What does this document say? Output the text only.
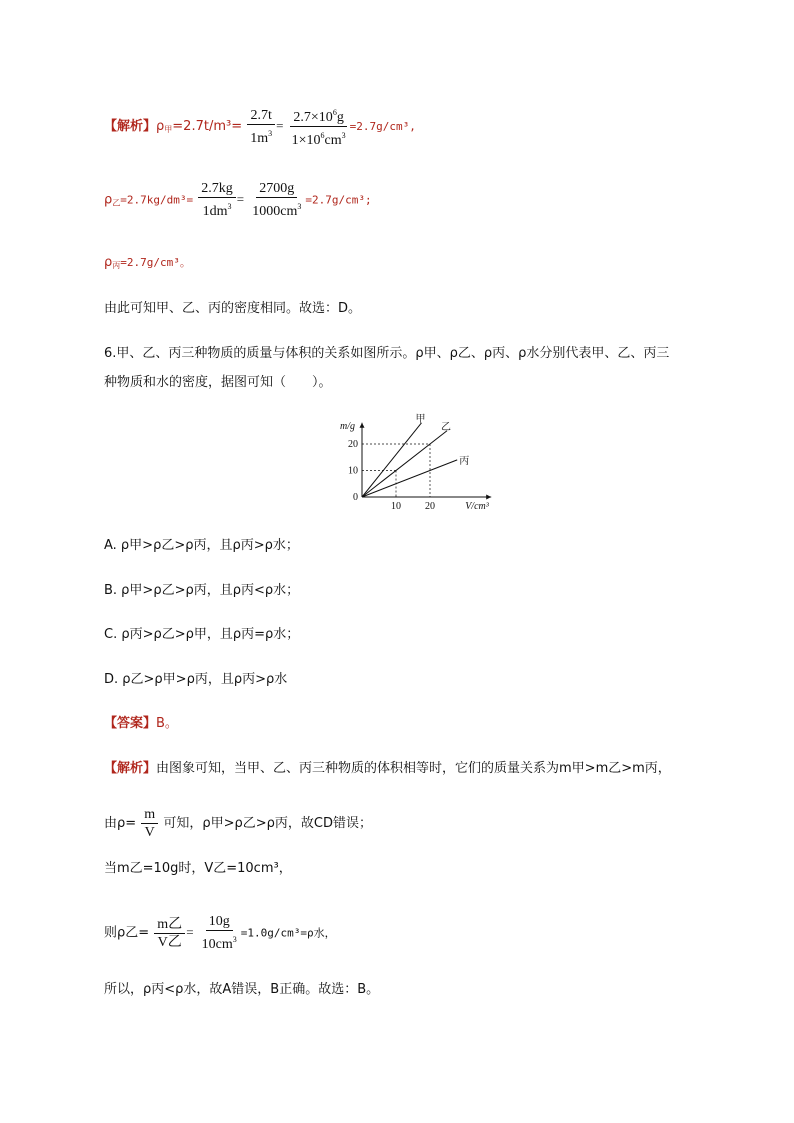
【解析】$\rho_甲=2.7t/m^3= \frac{2.7t}{1m^3} = \frac{2.7\times 10^6g}{1\times 10^6cm^3} =2.7g/cm^3$,
$\rho_乙=2.7kg/dm^3= \frac{2.7kg}{1dm^3} = \frac{2700g}{1000cm^3} =2.7g/cm^3$;
$\rho_丙=2.7g$/cm³。
由此可知甲、乙、丙的密度相同。故选：D。
6.甲、乙、丙三种物质的质量与体积的关系如图所示。ρ甲、ρ乙、ρ丙、ρ水分别代表甲、乙、丙三
种物质和水的密度，据图可知（　　）。
甲
乙
丙
10 20
0
10
20
V/cm³
m/g
A. ρ甲>ρ乙>ρ丙，且ρ丙>ρ水；
B. ρ甲>ρ乙>ρ丙，且ρ丙<ρ水；
C. ρ丙>ρ乙>ρ甲，且ρ丙=ρ水；
D. ρ乙>ρ甲>ρ丙，且ρ丙>ρ水
【答案】B。
【解析】由图象可知，当甲、乙、丙三种物质的体积相等时，它们的质量关系为m甲>m乙>m丙，
由$\rho= \frac{m}{V}$ 可知，ρ甲>ρ乙>ρ丙，故CD错误；
当m乙=10g时，V乙=10cm³，
则ρ乙= $\frac{\text{m乙}}{\text{V乙}} = \frac{10g}{10cm^3} =1.0g/cm^3=\rho$水，
所以，ρ丙<ρ水，故A错误，B正确。故选：B。
